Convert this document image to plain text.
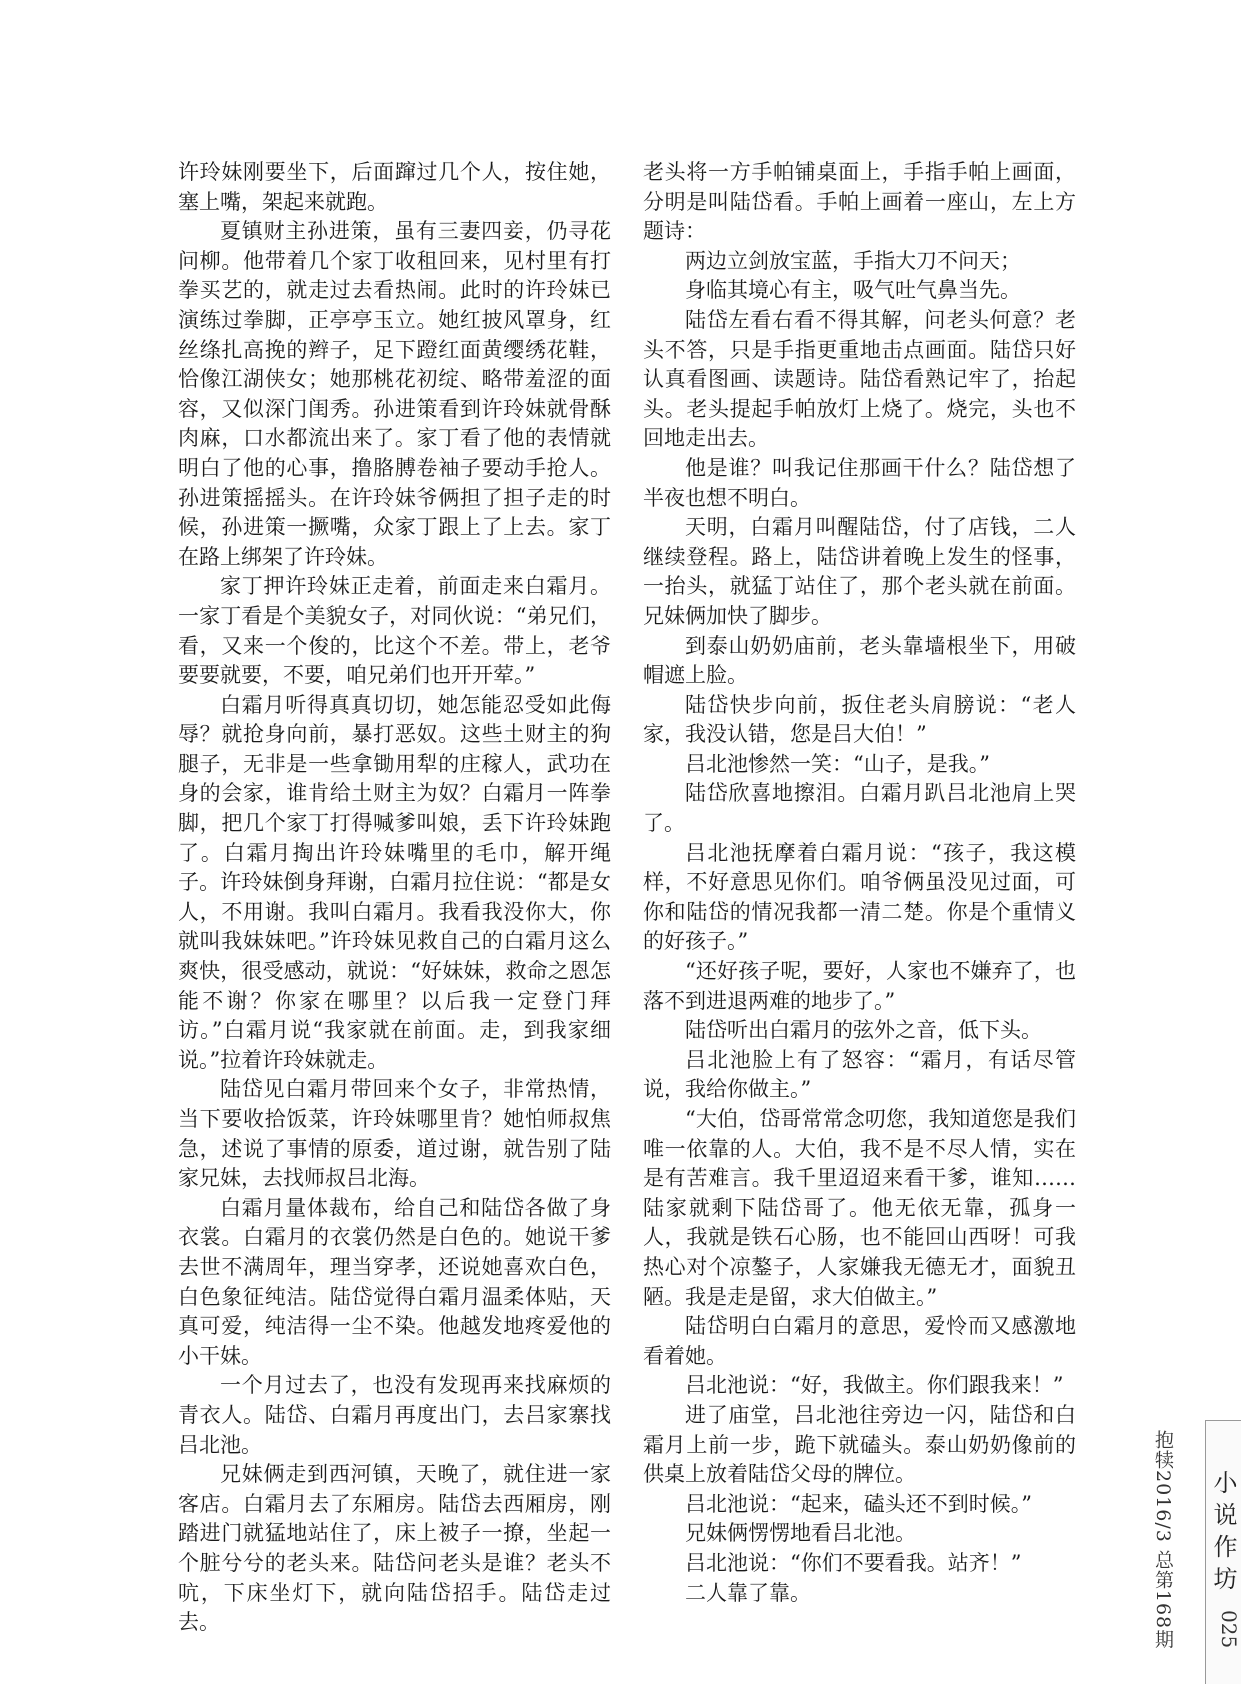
许玲妹刚要坐下，后面蹿过几个人，按住她，塞上嘴，架起来就跑。

夏镇财主孙进策，虽有三妻四妾，仍寻花问柳。他带着几个家丁收租回来，见村里有打拳买艺的，就走过去看热闹。此时的许玲妹已演练过拳脚，正亭亭玉立。她红披风罩身，红丝绦扎高挽的辫子，足下蹬红面黄缨绣花鞋，恰像江湖侠女；她那桃花初绽、略带羞涩的面容，又似深门闺秀。孙进策看到许玲妹就骨酥肉麻，口水都流出来了。家丁看了他的表情就明白了他的心事，撸胳膊卷袖子要动手抢人。孙进策摇摇头。在许玲妹爷俩担了担子走的时候，孙进策一撅嘴，众家丁跟上了上去。家丁在路上绑架了许玲妹。

家丁押许玲妹正走着，前面走来白霜月。一家丁看是个美貌女子，对同伙说：“弟兄们，看，又来一个俊的，比这个不差。带上，老爷要要就要，不要，咱兄弟们也开开荤。”

白霜月听得真真切切，她怎能忍受如此侮辱？就抢身向前，暴打恶奴。这些土财主的狗腿子，无非是一些拿锄用犁的庄稼人，武功在身的会家，谁肯给土财主为奴？白霜月一阵拳脚，把几个家丁打得喊爹叫娘，丢下许玲妹跑了。白霜月掏出许玲妹嘴里的毛巾，解开绳子。许玲妹倒身拜谢，白霜月拉住说：“都是女人，不用谢。我叫白霜月。我看我没你大，你就叫我妹妹吧。”许玲妹见救自己的白霜月这么爽快，很受感动，就说：“好妹妹，救命之恩怎能不谢？你家在哪里？以后我一定登门拜访。”白霜月说“我家就在前面。走，到我家细说。”拉着许玲妹就走。

陆岱见白霜月带回来个女子，非常热情，当下要收拾饭菜，许玲妹哪里肯？她怕师叔焦急，述说了事情的原委，道过谢，就告别了陆家兄妹，去找师叔吕北海。

白霜月量体裁布，给自己和陆岱各做了身衣裳。白霜月的衣裳仍然是白色的。她说干爹去世不满周年，理当穿孝，还说她喜欢白色，白色象征纯洁。陆岱觉得白霜月温柔体贴，天真可爱，纯洁得一尘不染。他越发地疼爱他的小干妹。

一个月过去了，也没有发现再来找麻烦的青衣人。陆岱、白霜月再度出门，去吕家寨找吕北池。

兄妹俩走到西河镇，天晚了，就住进一家客店。白霜月去了东厢房。陆岱去西厢房，刚踏进门就猛地站住了，床上被子一撩，坐起一个脏兮兮的老头来。陆岱问老头是谁？老头不吭，下床坐灯下，就向陆岱招手。陆岱走过去。

老头将一方手帕铺桌面上，手指手帕上画面，分明是叫陆岱看。手帕上画着一座山，左上方题诗：

两边立剑放宝蓝，手指大刀不问天；

身临其境心有主，吸气吐气鼻当先。

陆岱左看右看不得其解，问老头何意？老头不答，只是手指更重地击点画面。陆岱只好认真看图画、读题诗。陆岱看熟记牢了，抬起头。老头提起手帕放灯上烧了。烧完，头也不回地走出去。

他是谁？叫我记住那画干什么？陆岱想了半夜也想不明白。

天明，白霜月叫醒陆岱，付了店钱，二人继续登程。路上，陆岱讲着晚上发生的怪事，一抬头，就猛丁站住了，那个老头就在前面。兄妹俩加快了脚步。

到泰山奶奶庙前，老头靠墙根坐下，用破帽遮上脸。

陆岱快步向前，扳住老头肩膀说：“老人家，我没认错，您是吕大伯！”

吕北池惨然一笑：“山子，是我。”

陆岱欣喜地擦泪。白霜月趴吕北池肩上哭了。

吕北池抚摩着白霜月说：“孩子，我这模样，不好意思见你们。咱爷俩虽没见过面，可你和陆岱的情况我都一清二楚。你是个重情义的好孩子。”

“还好孩子呢，要好，人家也不嫌弃了，也落不到进退两难的地步了。”

陆岱听出白霜月的弦外之音，低下头。

吕北池脸上有了怒容：“霜月，有话尽管说，我给你做主。”

“大伯，岱哥常常念叨您，我知道您是我们唯一依靠的人。大伯，我不是不尽人情，实在是有苦难言。我千里迢迢来看干爹，谁知……陆家就剩下陆岱哥了。他无依无靠，孤身一人，我就是铁石心肠，也不能回山西呀！可我热心对个凉鏊子，人家嫌我无德无才，面貌丑陋。我是走是留，求大伯做主。”

陆岱明白白霜月的意思，爱怜而又感激地看着她。

吕北池说：“好，我做主。你们跟我来！”

进了庙堂，吕北池往旁边一闪，陆岱和白霜月上前一步，跪下就磕头。泰山奶奶像前的供桌上放着陆岱父母的牌位。

吕北池说：“起来，磕头还不到时候。”

兄妹俩愣愣地看吕北池。

吕北池说：“你们不要看我。站齐！”

二人靠了靠。	抱犊2016/3 总第168期 小说作坊
025
